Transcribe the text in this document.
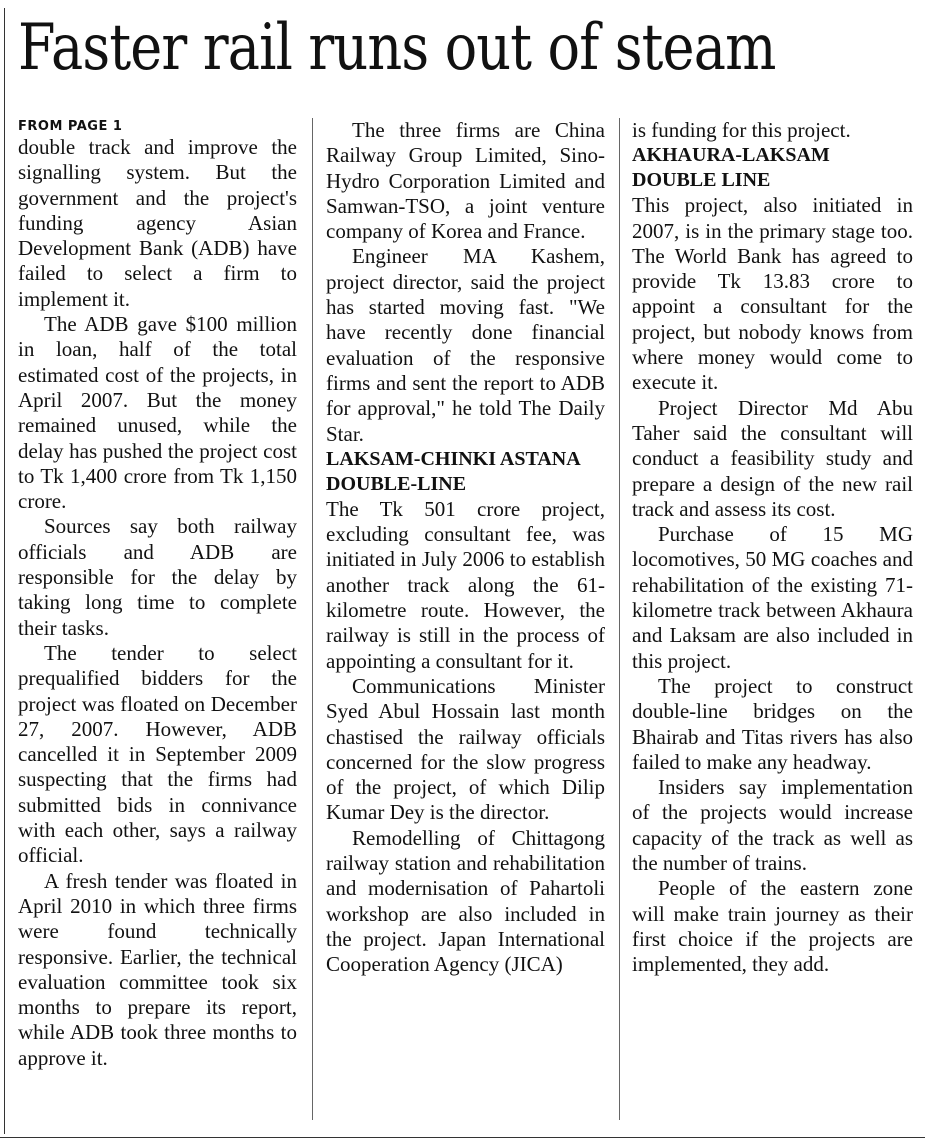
Faster rail runs out of steam
FROM PAGE 1

double track and improve the signalling system. But the government and the project's funding agency Asian Development Bank (ADB) have failed to select a firm to implement it.

The ADB gave $100 million in loan, half of the total estimated cost of the projects, in April 2007. But the money remained unused, while the delay has pushed the project cost to Tk 1,400 crore from Tk 1,150 crore.

Sources say both railway officials and ADB are responsible for the delay by taking long time to complete their tasks.

The tender to select prequalified bidders for the project was floated on December 27, 2007. However, ADB cancelled it in September 2009 suspecting that the firms had submitted bids in connivance with each other, says a railway official.

A fresh tender was floated in April 2010 in which three firms were found technically responsive. Earlier, the technical evaluation committee took six months to prepare its report, while ADB took three months to approve it.

The three firms are China Railway Group Limited, Sino-Hydro Corporation Limited and Samwan-TSO, a joint venture company of Korea and France.

Engineer MA Kashem, project director, said the project has started moving fast. "We have recently done financial evaluation of the responsive firms and sent the report to ADB for approval," he told The Daily Star.

LAKSAM-CHINKI ASTANA DOUBLE-LINE

The Tk 501 crore project, excluding consultant fee, was initiated in July 2006 to establish another track along the 61-kilometre route. However, the railway is still in the process of appointing a consultant for it.

Communications Minister Syed Abul Hossain last month chastised the railway officials concerned for the slow progress of the project, of which Dilip Kumar Dey is the director.

Remodelling of Chittagong railway station and rehabilitation and modernisation of Pahartoli workshop are also included in the project. Japan International Cooperation Agency (JICA)

is funding for this project.

AKHAURA-LAKSAM DOUBLE LINE

This project, also initiated in 2007, is in the primary stage too. The World Bank has agreed to provide Tk 13.83 crore to appoint a consultant for the project, but nobody knows from where money would come to execute it.

Project Director Md Abu Taher said the consultant will conduct a feasibility study and prepare a design of the new rail track and assess its cost.

Purchase of 15 MG locomotives, 50 MG coaches and rehabilitation of the existing 71-kilometre track between Akhaura and Laksam are also included in this project.

The project to construct double-line bridges on the Bhairab and Titas rivers has also failed to make any headway.

Insiders say implementation of the projects would increase capacity of the track as well as the number of trains.

People of the eastern zone will make train journey as their first choice if the projects are implemented, they add.
